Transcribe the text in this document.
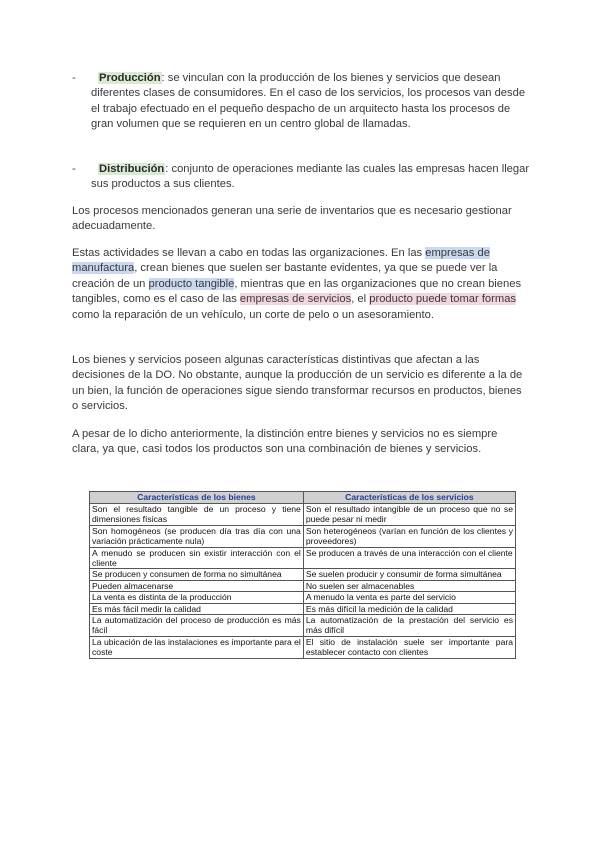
-	Producción: se vinculan con la producción de los bienes y servicios que desean diferentes clases de consumidores. En el caso de los servicios, los procesos van desde el trabajo efectuado en el pequeño despacho de un arquitecto hasta los procesos de gran volumen que se requieren en un centro global de llamadas.
-	Distribución: conjunto de operaciones mediante las cuales las empresas hacen llegar sus productos a sus clientes.

Los procesos mencionados generan una serie de inventarios que es necesario gestionar adecuadamente.

Estas actividades se llevan a cabo en todas las organizaciones. En las empresas de manufactura, crean bienes que suelen ser bastante evidentes, ya que se puede ver la creación de un producto tangible, mientras que en las organizaciones que no crean bienes tangibles, como es el caso de las empresas de servicios, el producto puede tomar formas como la reparación de un vehículo, un corte de pelo o un asesoramiento.

Los bienes y servicios poseen algunas características distintivas que afectan a las decisiones de la DO. No obstante, aunque la producción de un servicio es diferente a la de un bien, la función de operaciones sigue siendo transformar recursos en productos, bienes o servicios.

A pesar de lo dicho anteriormente, la distinción entre bienes y servicios no es siempre clara, ya que, casi todos los productos son una combinación de bienes y servicios.

Características de los bienes	Características de los servicios
Son el resultado tangible de un proceso y tiene dimensiones físicas	Son el resultado intangible de un proceso que no se puede pesar ni medir
Son homogéneos (se producen día tras día con una variación prácticamente nula)	Son heterogéneos (varían en función de los clientes y proveedores)
A menudo se producen sin existir interacción con el cliente	Se producen a través de una interacción con el cliente
Se producen y consumen de forma no simultánea	Se suelen producir y consumir de forma simultánea
Pueden almacenarse	No suelen ser almacenables
La venta es distinta de la producción	A menudo la venta es parte del servicio
Es más fácil medir la calidad	Es más difícil la medición de la calidad
La automatización del proceso de producción es más fácil	La automatización de la prestación del servicio es más difícil
La ubicación de las instalaciones es importante para el coste	El sitio de instalación suele ser importante para establecer contacto con clientes
